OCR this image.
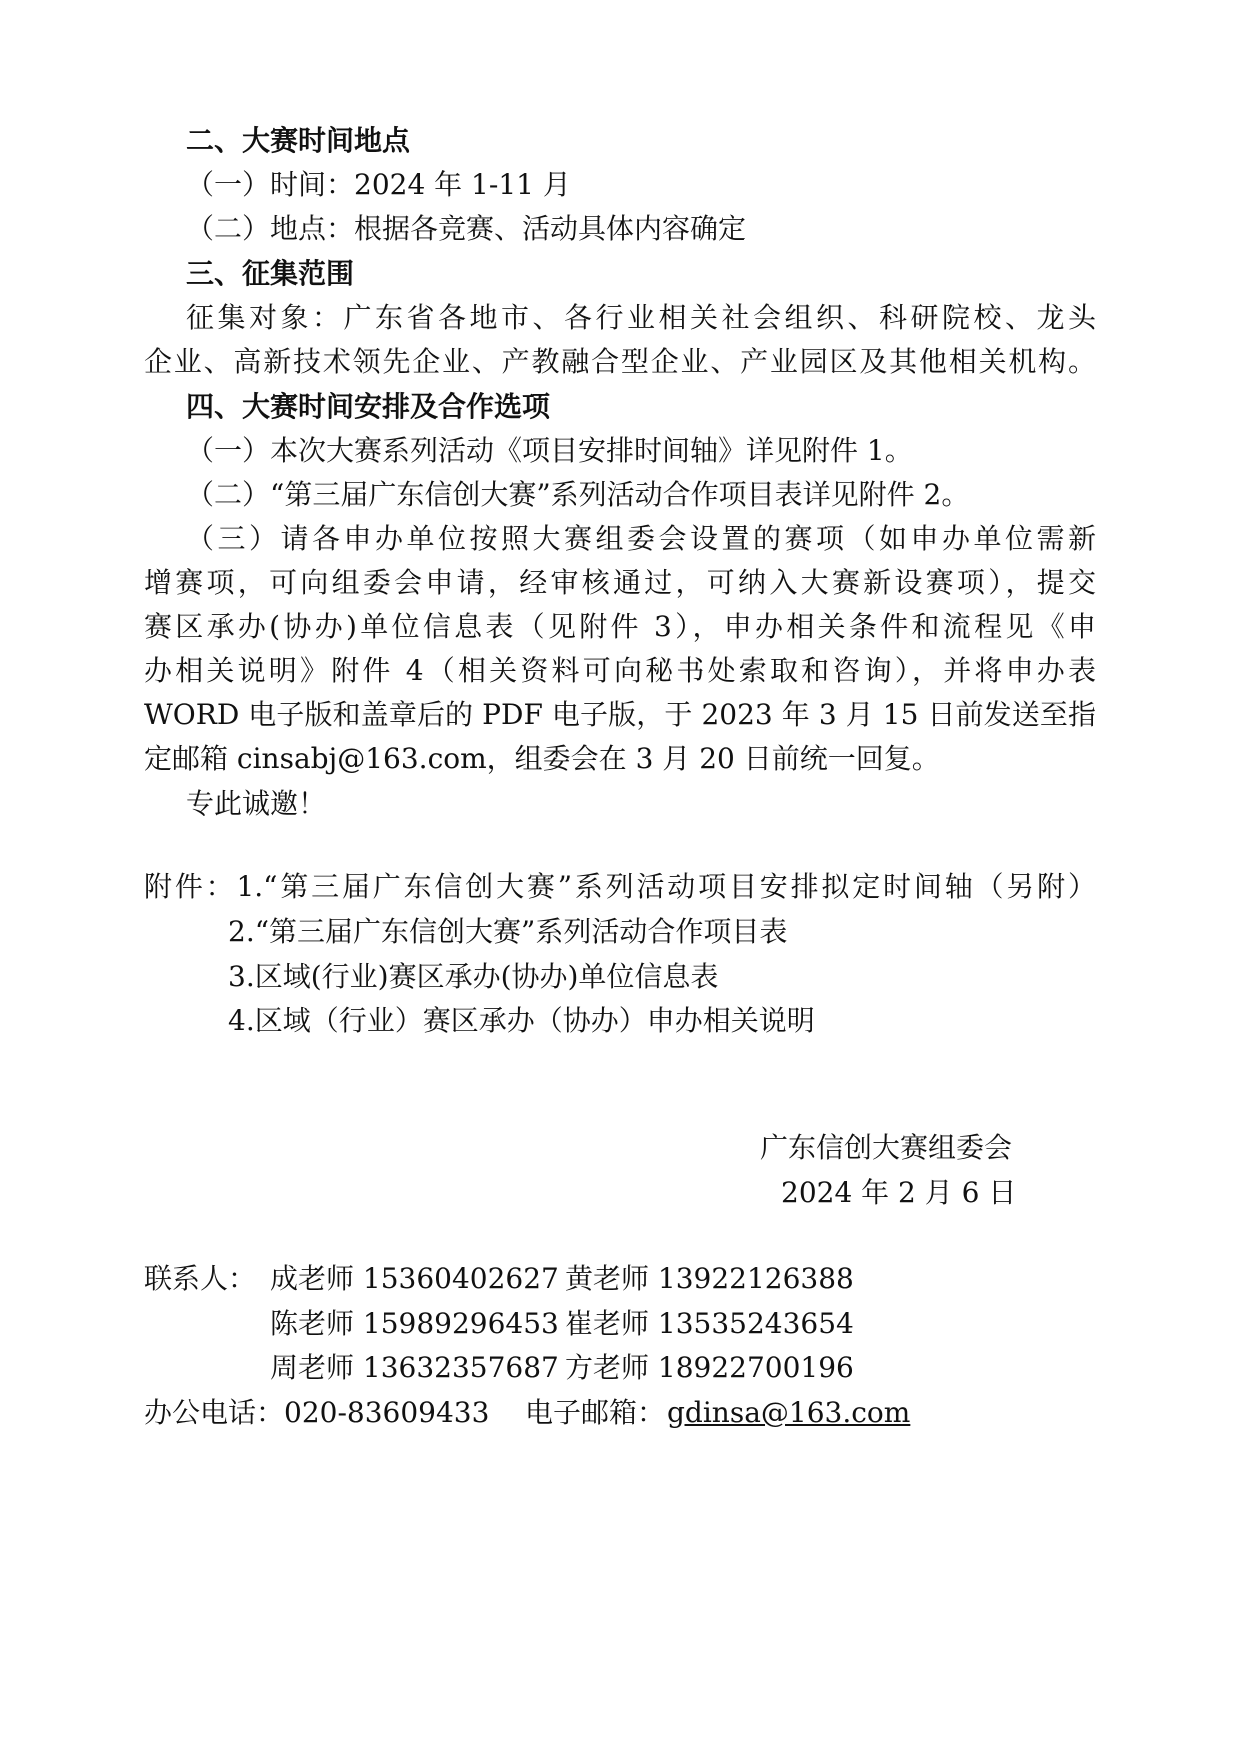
二、大赛时间地点
（一）时间：2024 年 1-11 月
（二）地点：根据各竞赛、活动具体内容确定
三、征集范围
征集对象：广东省各地市、各行业相关社会组织、科研院校、龙头
企业、高新技术领先企业、产教融合型企业、产业园区及其他相关机构。
四、大赛时间安排及合作选项
（一）本次大赛系列活动《项目安排时间轴》详见附件 1。
（二）“第三届广东信创大赛”系列活动合作项目表详见附件 2。
（三）请各申办单位按照大赛组委会设置的赛项（如申办单位需新
增赛项，可向组委会申请，经审核通过，可纳入大赛新设赛项），提交
赛区承办(协办)单位信息表（见附件 3），申办相关条件和流程见《申
办相关说明》附件 4（相关资料可向秘书处索取和咨询），并将申办表
WORD 电子版和盖章后的 PDF 电子版，于 2023 年 3 月 15 日前发送至指
定邮箱 cinsabj@163.com，组委会在 3 月 20 日前统一回复。
专此诚邀！
附件：1.“第三届广东信创大赛”系列活动项目安排拟定时间轴（另附）
2.“第三届广东信创大赛”系列活动合作项目表
3.区域(行业)赛区承办(协办)单位信息表
4.区域（行业）赛区承办（协办）申办相关说明
广东信创大赛组委会
2024 年 2 月 6 日
联系人： 成老师 15360402627 黄老师 13922126388
陈老师 15989296453 崔老师 13535243654
周老师 13632357687 方老师 18922700196
办公电话：020-83609433 电子邮箱： gdinsa@163.com
